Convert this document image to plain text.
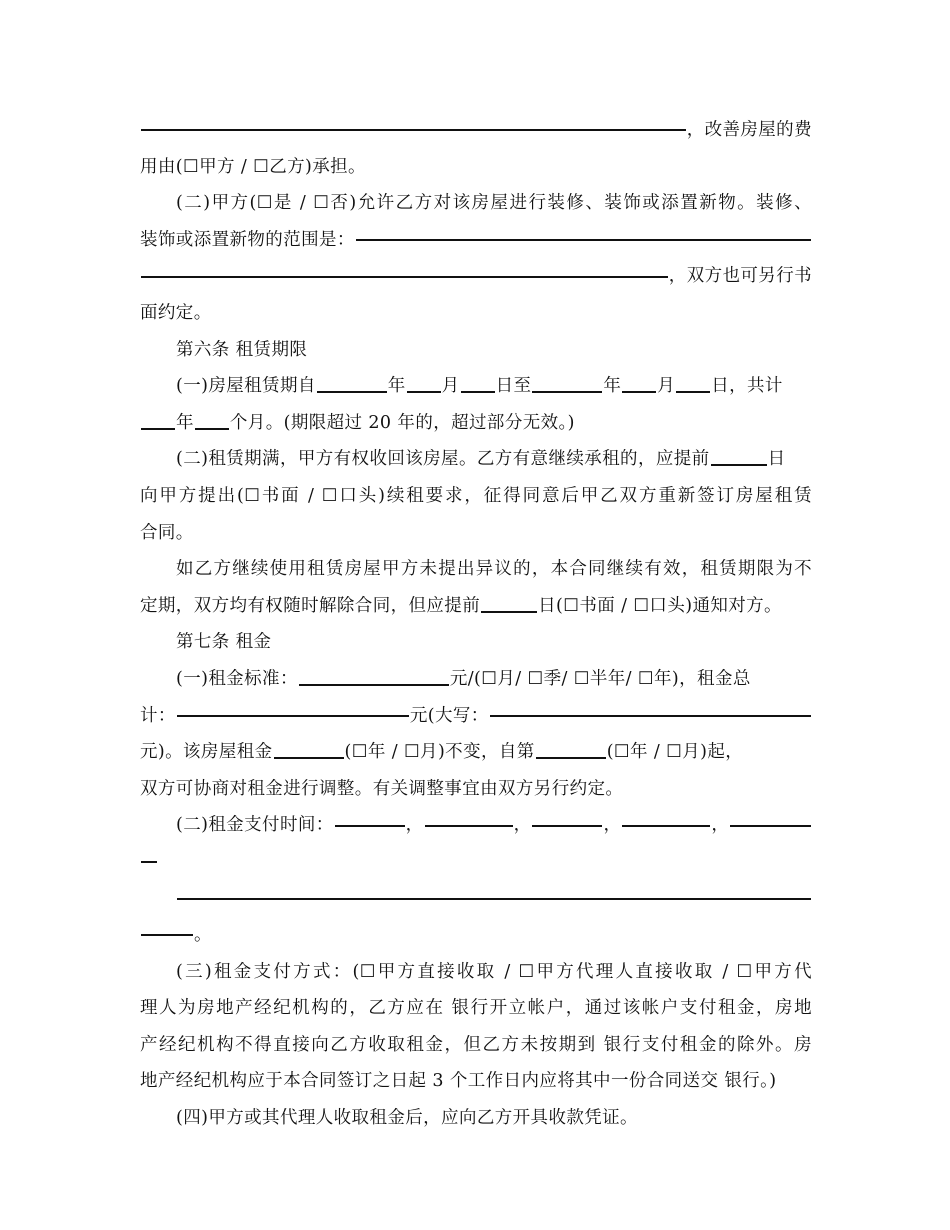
，改善房屋的费
用由(☐甲方 / ☐乙方)承担。
(二)甲方(☐是 / ☐否)允许乙方对该房屋进行装修、装饰或添置新物。装修、
装饰或添置新物的范围是：
，双方也可另行书
面约定。
第六条 租赁期限
(一)房屋租赁期自	年 月 日至	年 月 日，共计
年 个月。(期限超过 20 年的，超过部分无效。)
(二)租赁期满，甲方有权收回该房屋。乙方有意继续承租的，应提前	日
向甲方提出(☐书面 / ☐口头)续租要求，征得同意后甲乙双方重新签订房屋租赁
合同。
如乙方继续使用租赁房屋甲方未提出异议的，本合同继续有效，租赁期限为不
定期，双方均有权随时解除合同，但应提前	日(☐书面 / ☐口头)通知对方。
第七条 租金
(一)租金标准：	元/(☐月/ ☐季/ ☐半年/ ☐年)，租金总
计：	元(大写：
元)。该房屋租金	(☐年 / ☐月)不变，自第	(☐年 / ☐月)起，
双方可协商对租金进行调整。有关调整事宜由双方另行约定。
(二)租金支付时间：	，	，	，	，
。
(三)租金支付方式：(☐甲方直接收取 / ☐甲方代理人直接收取 / ☐甲方代
理人为房地产经纪机构的，乙方应在 银行开立帐户，通过该帐户支付租金，房地
产经纪机构不得直接向乙方收取租金，但乙方未按期到 银行支付租金的除外。房
地产经纪机构应于本合同签订之日起 3 个工作日内应将其中一份合同送交 银行。)
(四)甲方或其代理人收取租金后，应向乙方开具收款凭证。
